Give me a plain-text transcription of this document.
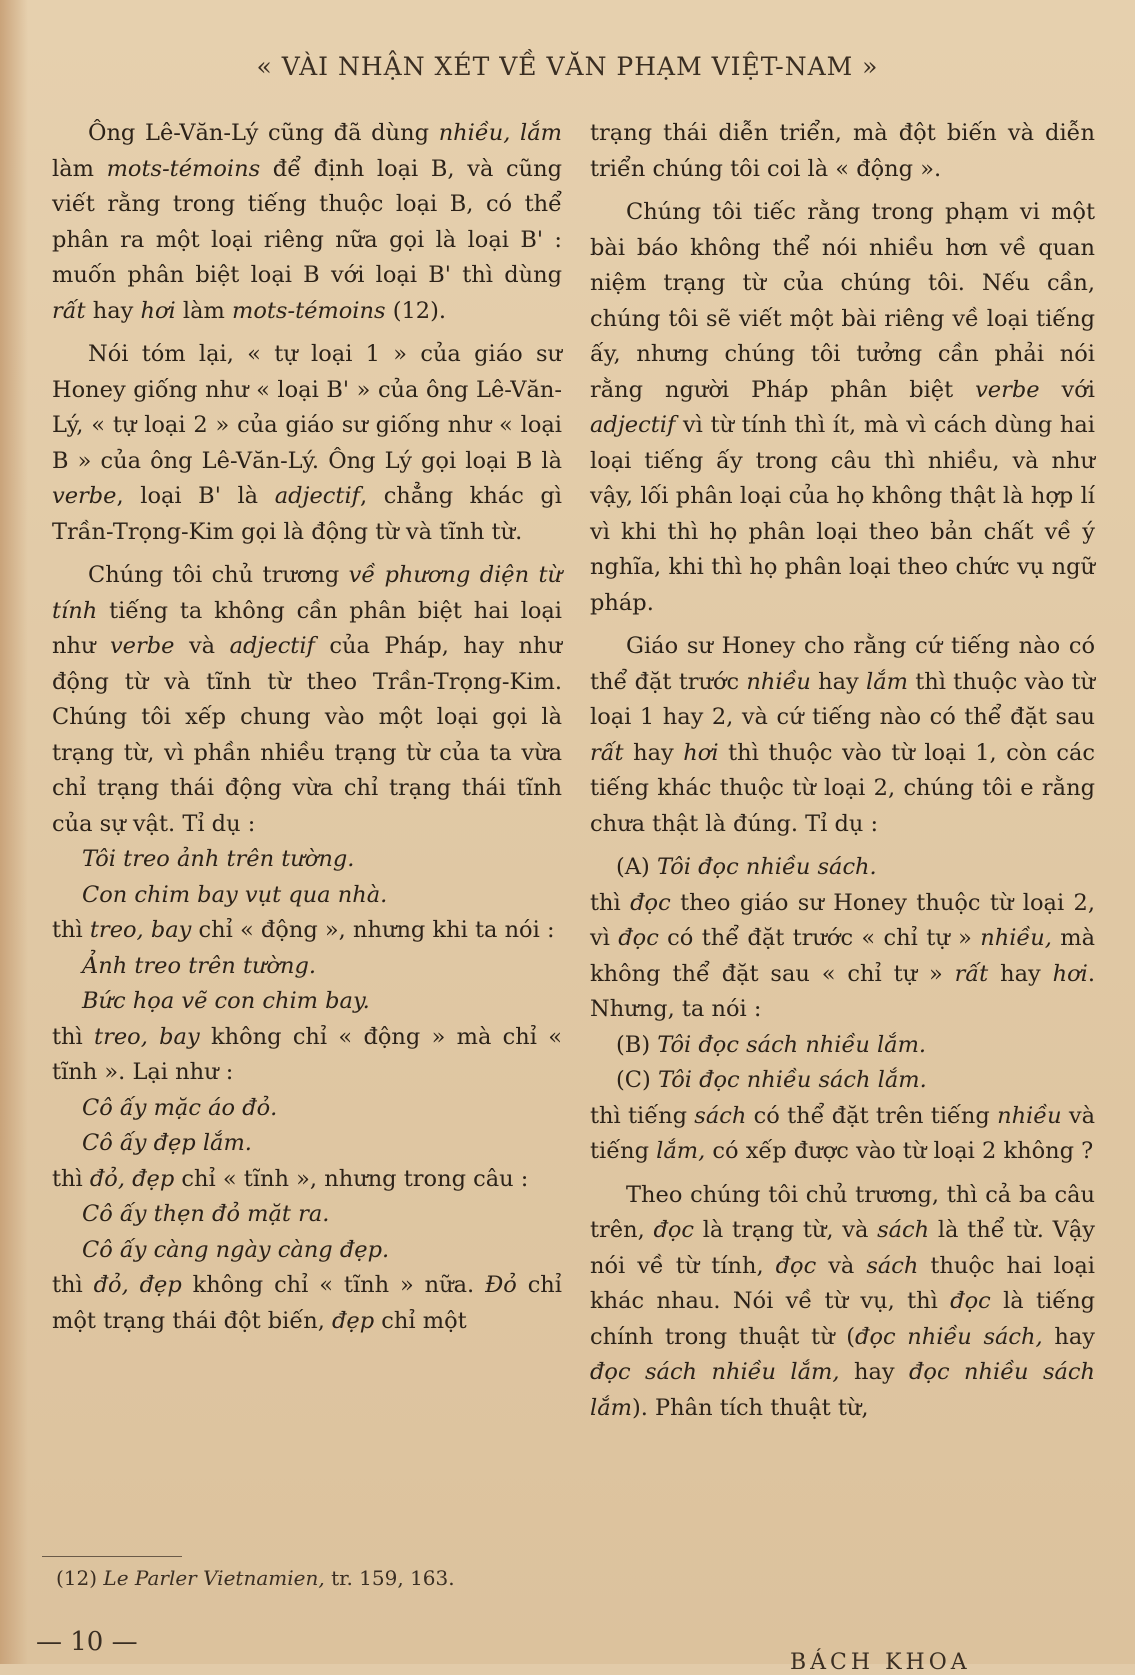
« VÀI NHẬN XÉT VỀ VĂN PHẠM VIỆT-NAM »

Ông Lê-Văn-Lý cũng đã dùng nhiều, lắm làm mots-témoins để định loại B, và cũng viết rằng trong tiếng thuộc loại B, có thể phân ra một loại riêng nữa gọi là loại B' : muốn phân biệt loại B với loại B' thì dùng rất hay hơi làm mots-témoins (12).

Nói tóm lại, « tự loại 1 » của giáo sư Honey giống như « loại B' » của ông Lê-Văn-Lý, « tự loại 2 » của giáo sư giống như « loại B » của ông Lê-Văn-Lý. Ông Lý gọi loại B là verbe, loại B' là adjectif, chẳng khác gì Trần-Trọng-Kim gọi là động từ và tĩnh từ.

Chúng tôi chủ trương về phương diện từ tính tiếng ta không cần phân biệt hai loại như verbe và adjectif của Pháp, hay như động từ và tĩnh từ theo Trần-Trọng-Kim. Chúng tôi xếp chung vào một loại gọi là trạng từ, vì phần nhiều trạng từ của ta vừa chỉ trạng thái động vừa chỉ trạng thái tĩnh của sự vật. Tỉ dụ :

Tôi treo ảnh trên tường.

Con chim bay vụt qua nhà.

thì treo, bay chỉ « động », nhưng khi ta nói :

Ảnh treo trên tường.

Bức họa vẽ con chim bay.

thì treo, bay không chỉ « động » mà chỉ « tĩnh ». Lại như :

Cô ấy mặc áo đỏ.

Cô ấy đẹp lắm.

thì đỏ, đẹp chỉ « tĩnh », nhưng trong câu :

Cô ấy thẹn đỏ mặt ra.

Cô ấy càng ngày càng đẹp.

thì đỏ, đẹp không chỉ « tĩnh » nữa. Đỏ chỉ một trạng thái đột biến, đẹp chỉ một

trạng thái diễn triển, mà đột biến và diễn triển chúng tôi coi là « động ».

Chúng tôi tiếc rằng trong phạm vi một bài báo không thể nói nhiều hơn về quan niệm trạng từ của chúng tôi. Nếu cần, chúng tôi sẽ viết một bài riêng về loại tiếng ấy, nhưng chúng tôi tưởng cần phải nói rằng người Pháp phân biệt verbe với adjectif vì từ tính thì ít, mà vì cách dùng hai loại tiếng ấy trong câu thì nhiều, và như vậy, lối phân loại của họ không thật là hợp lí vì khi thì họ phân loại theo bản chất về ý nghĩa, khi thì họ phân loại theo chức vụ ngữ pháp.

Giáo sư Honey cho rằng cứ tiếng nào có thể đặt trước nhiều hay lắm thì thuộc vào từ loại 1 hay 2, và cứ tiếng nào có thể đặt sau rất hay hơi thì thuộc vào từ loại 1, còn các tiếng khác thuộc từ loại 2, chúng tôi e rằng chưa thật là đúng. Tỉ dụ :

(A) Tôi đọc nhiều sách.

thì đọc theo giáo sư Honey thuộc từ loại 2, vì đọc có thể đặt trước « chỉ tự » nhiều, mà không thể đặt sau « chỉ tự » rất hay hơi. Nhưng, ta nói :

(B) Tôi đọc sách nhiều lắm.

(C) Tôi đọc nhiều sách lắm.

thì tiếng sách có thể đặt trên tiếng nhiều và tiếng lắm, có xếp được vào từ loại 2 không ?

Theo chúng tôi chủ trương, thì cả ba câu trên, đọc là trạng từ, và sách là thể từ. Vậy nói về từ tính, đọc và sách thuộc hai loại khác nhau. Nói về từ vụ, thì đọc là tiếng chính trong thuật từ (đọc nhiều sách, hay đọc sách nhiều lắm, hay đọc nhiều sách lắm). Phân tích thuật từ,

(12) Le Parler Vietnamien, tr. 159, 163.
— 10 —
BÁCH KHOA
